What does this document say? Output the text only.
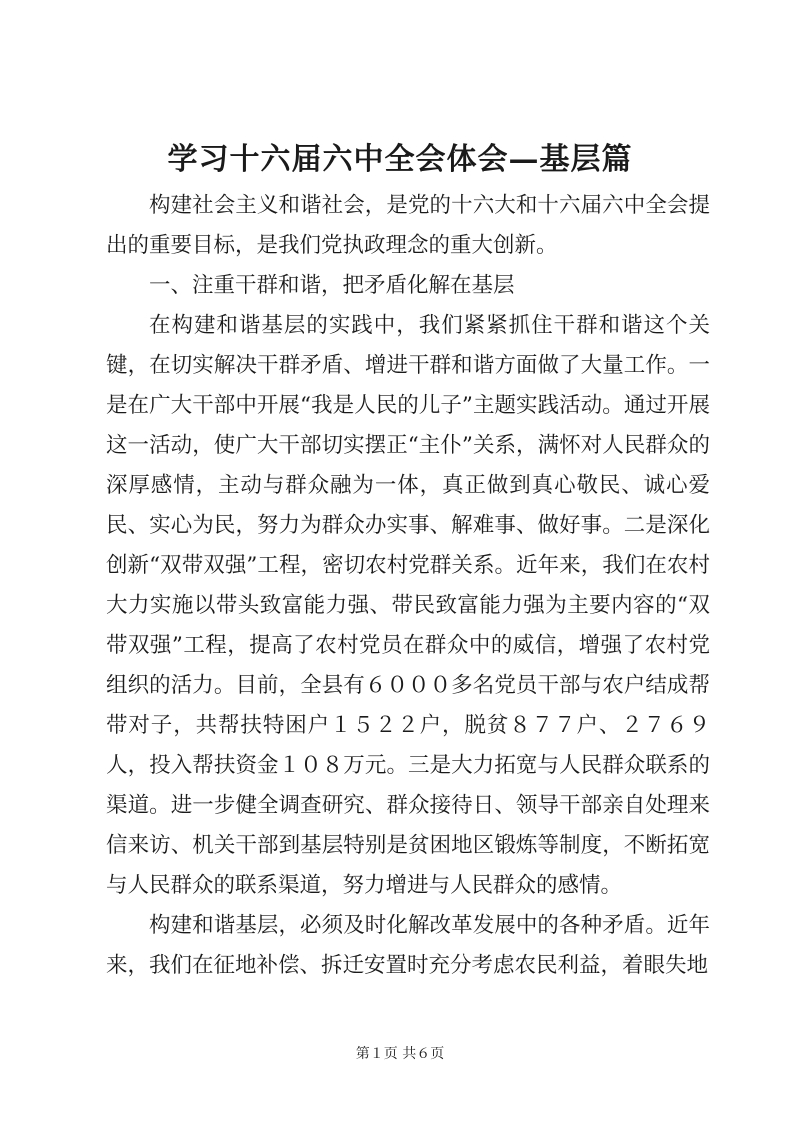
学习十六届六中全会体会—基层篇

构建社会主义和谐社会，是党的十六大和十六届六中全会提出的重要目标，是我们党执政理念的重大创新。

一、注重干群和谐，把矛盾化解在基层

在构建和谐基层的实践中，我们紧紧抓住干群和谐这个关键，在切实解决干群矛盾、增进干群和谐方面做了大量工作。一是在广大干部中开展“我是人民的儿子”主题实践活动。通过开展这一活动，使广大干部切实摆正“主仆”关系，满怀对人民群众的深厚感情，主动与群众融为一体，真正做到真心敬民、诚心爱民、实心为民，努力为群众办实事、解难事、做好事。二是深化创新“双带双强”工程，密切农村党群关系。近年来，我们在农村大力实施以带头致富能力强、带民致富能力强为主要内容的“双带双强”工程，提高了农村党员在群众中的威信，增强了农村党组织的活力。目前，全县有６０００多名党员干部与农户结成帮带对子，共帮扶特困户１５２２户，脱贫８７７户、２７６９人，投入帮扶资金１０８万元。三是大力拓宽与人民群众联系的渠道。进一步健全调查研究、群众接待日、领导干部亲自处理来信来访、机关干部到基层特别是贫困地区锻炼等制度，不断拓宽与人民群众的联系渠道，努力增进与人民群众的感情。

构建和谐基层，必须及时化解改革发展中的各种矛盾。近年来，我们在征地补偿、拆迁安置时充分考虑农民利益，着眼失地

第１页 共６页
